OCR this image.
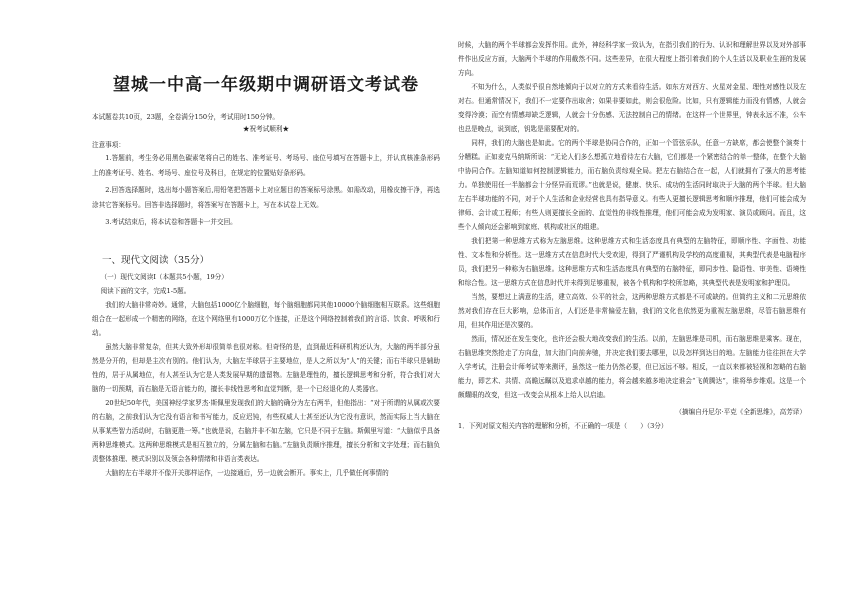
望城一中高一年级期中调研语文考试卷
本试题卷共10页，23题，全卷满分150分，考试用时150分钟。
★祝考试顺利★
注意事项：

1.答题前，考生务必用黑色碳素笔将自己的姓名、准考证号、考场号、座位号填写在答题卡上，并认真核准条形码上的准考证号、姓名、考场号、座位号及科目，在规定的位置贴好条形码。

2.回答选择题时，选出每小题答案后,用铅笔把答题卡上对应题目的答案标号涂黑。如需改动，用橡皮擦干净，再选涂其它答案标号。回答非选择题时，将答案写在答题卡上，写在本试卷上无效。

3.考试结束后，将本试卷和答题卡一并交回。

一、现代文阅读（35分）
（一）现代文阅读Ⅰ（本题共5小题，19分）
阅读下面的文字，完成1-5题。

我们的大脑非常奇妙。通常，大脑包括1000亿个脑细胞，每个脑细胞都同其他10000个脑细胞相互联系。这些细胞组合在一起形成一个精密的网络，在这个网络里有1000万亿个连接，正是这个网络控制着我们的言语、饮食、呼吸和行动。

虽然大脑非常复杂，但其大致外形却很简单也很对称。但奇怪的是，直到最近科研机构还认为，大脑的两半部分虽然是分开的，但却是主次有别的。他们认为，大脑左半球居于主要地位，是人之所以为“人”的关键；而右半球只是辅助性的，居于从属地位，有人甚至认为它是人类发展早期的遗留物。左脑是理性的，擅长逻辑思考和分析，符合我们对大脑的一切预期，而右脑是无语言能力的，擅长非线性思考和直觉判断，是一个已经退化的人类器官。

20世纪50年代，美国神经学家罗杰·斯佩里发现我们的大脑的确分为左右两半，但他指出：“对于所谓的从属或次要的右脑，之前我们认为它没有语言和书写能力，反应迟钝，有些权威人士甚至还认为它没有意识，然而实际上当大脑在从事某些智力活动时，右脑更胜一筹。”也就是说，右脑并非不如左脑，它只是不同于左脑。斯佩里写道：“大脑似乎具备两种思维模式。这两种思维模式是相互独立的，分属左脑和右脑。”左脑负责顺序推理，擅长分析和文字处理；而右脑负责整体推理、模式识别以及领会各种情绪和非语言类表达。

大脑的左右半球并不像开关那样运作，一边接通后，另一边就会断开。事实上，几乎做任何事情的

时候，大脑的两个半球都会发挥作用。此外，神经科学家一致认为，在指引我们的行为、认识和理解世界以及对外部事件作出反应方面，大脑两个半球的作用截然不同。这些差异，在很大程度上指引着我们的个人生活以及职业生涯的发展方向。

不知为什么，人类似乎很自然地倾向于以对立的方式来看待生活。如东方对西方、火星对金星、理性对感性以及左对右。但通常情况下，我们不一定要作出取舍；如果非要如此，则会很危险。比如，只有逻辑能力而没有情感，人就会变得冷漠；而空有情感却缺乏逻辑，人就会十分伤感、无法控制自己的情绪。在这样一个世界里，钟表永远不准，公车也总是晚点，说到底，钥匙是需要配对的。

同样，我们的大脑也是如此。它的两个半球是协同合作的，正如一个管弦乐队，任意一方缺席，都会使整个演奏十分糟糕。正如麦克马纳斯所说：“无论人们多么想孤立地看待左右大脑，它们都是一个紧密结合的单一整体，在整个大脑中协同合作。左脑知道如何控制逻辑能力，而右脑负责综观全局。把左右脑结合在一起，人们就拥有了强大的思考能力。单独使用任一半脑都会十分怪异而荒谬。”也就是说，健康、快乐、成功的生活同时取决于大脑的两个半球。但大脑左右半球功能的不同，对于个人生活和企业经营也具有指导意义。有些人更擅长逻辑思考和顺序推理，他们可能会成为律师、会计或工程师；有些人则更擅长全面的、直觉性的非线性推理，他们可能会成为发明家、演员或顾问。而且，这些个人倾向还会影响到家庭、机构或社区的组建。

我们把第一种思维方式称为左脑思维。这种思维方式和生活态度具有典型的左脑特征，即顺序性、字面性、功能性、文本性和分析性。这一思维方式在信息时代大受欢迎，得到了严谨机构及学校的高度重视，其典型代表是电脑程序员，我们把另一种称为右脑思维。这种思维方式和生活态度具有典型的右脑特征，即同步性、隐语性、审美性、语境性和综合性。这一思维方式在信息时代并未得到足够重视，被各个机构和学校所忽略，其典型代表是发明家和护理员。

当然，要想过上满意的生活，建立高效、公平的社会，这两种思维方式都是不可或缺的。但简约主义和二元思维依然对我们存在巨大影响，总体而言，人们还是非常偏爱左脑，我们的文化也依然更为重视左脑思维，尽管右脑思维有用，但其作用还是次要的。

然而，情况还在发生变化，也许还会极大地改变我们的生活。以前，左脑思维是司机，而右脑思维是乘客。现在，右脑思维突然抢走了方向盘，加大油门向前奔驰，并决定我们要去哪里，以及怎样到达目的地。左脑能力往往担在大学入学考试，注册会计师考试等来测评，虽然这一能力仍然必要，但已远远不够。相反，一直以来都被轻视和忽略的右脑能力，即艺术、共情、高瞻远瞩以及追求卓越的能力，将会越来越多地决定谁会“飞黄腾达”，谁将举步维艰。这是一个颇耀眼的改变，但这一改变会从根本上给人以启迪。

（摘编自丹尼尔·平克《全新思维》，高芳译）

1．下列对原文相关内容的理解和分析，不正确的一项是（　　）（3分）
